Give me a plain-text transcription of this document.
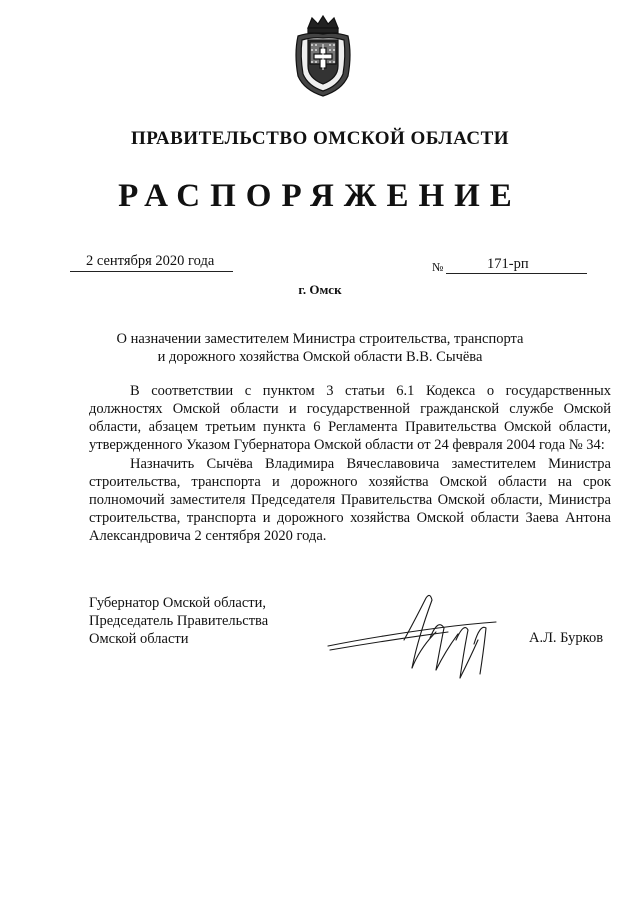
ПРАВИТЕЛЬСТВО ОМСКОЙ ОБЛАСТИ
РАСПОРЯЖЕНИЕ
2 сентября 2020 года	№	171-рп
г. Омск
О назначении заместителем Министра строительства, транспорта
и дорожного хозяйства Омской области В.В. Сычёва

В соответствии с пунктом 3 статьи 6.1 Кодекса о государственных должностях Омской области и государственной гражданской службе Омской области, абзацем третьим пункта 6 Регламента Правительства Омской области, утвержденного Указом Губернатора Омской области от 24 февраля 2004 года № 34:

Назначить Сычёва Владимира Вячеславовича заместителем Министра строительства, транспорта и дорожного хозяйства Омской области на срок полномочий заместителя Председателя Правительства Омской области, Министра строительства, транспорта и дорожного хозяйства Омской области Заева Антона Александровича 2 сентября 2020 года.

Губернатор Омской области,
Председатель Правительства
Омской области	А.Л. Бурков
